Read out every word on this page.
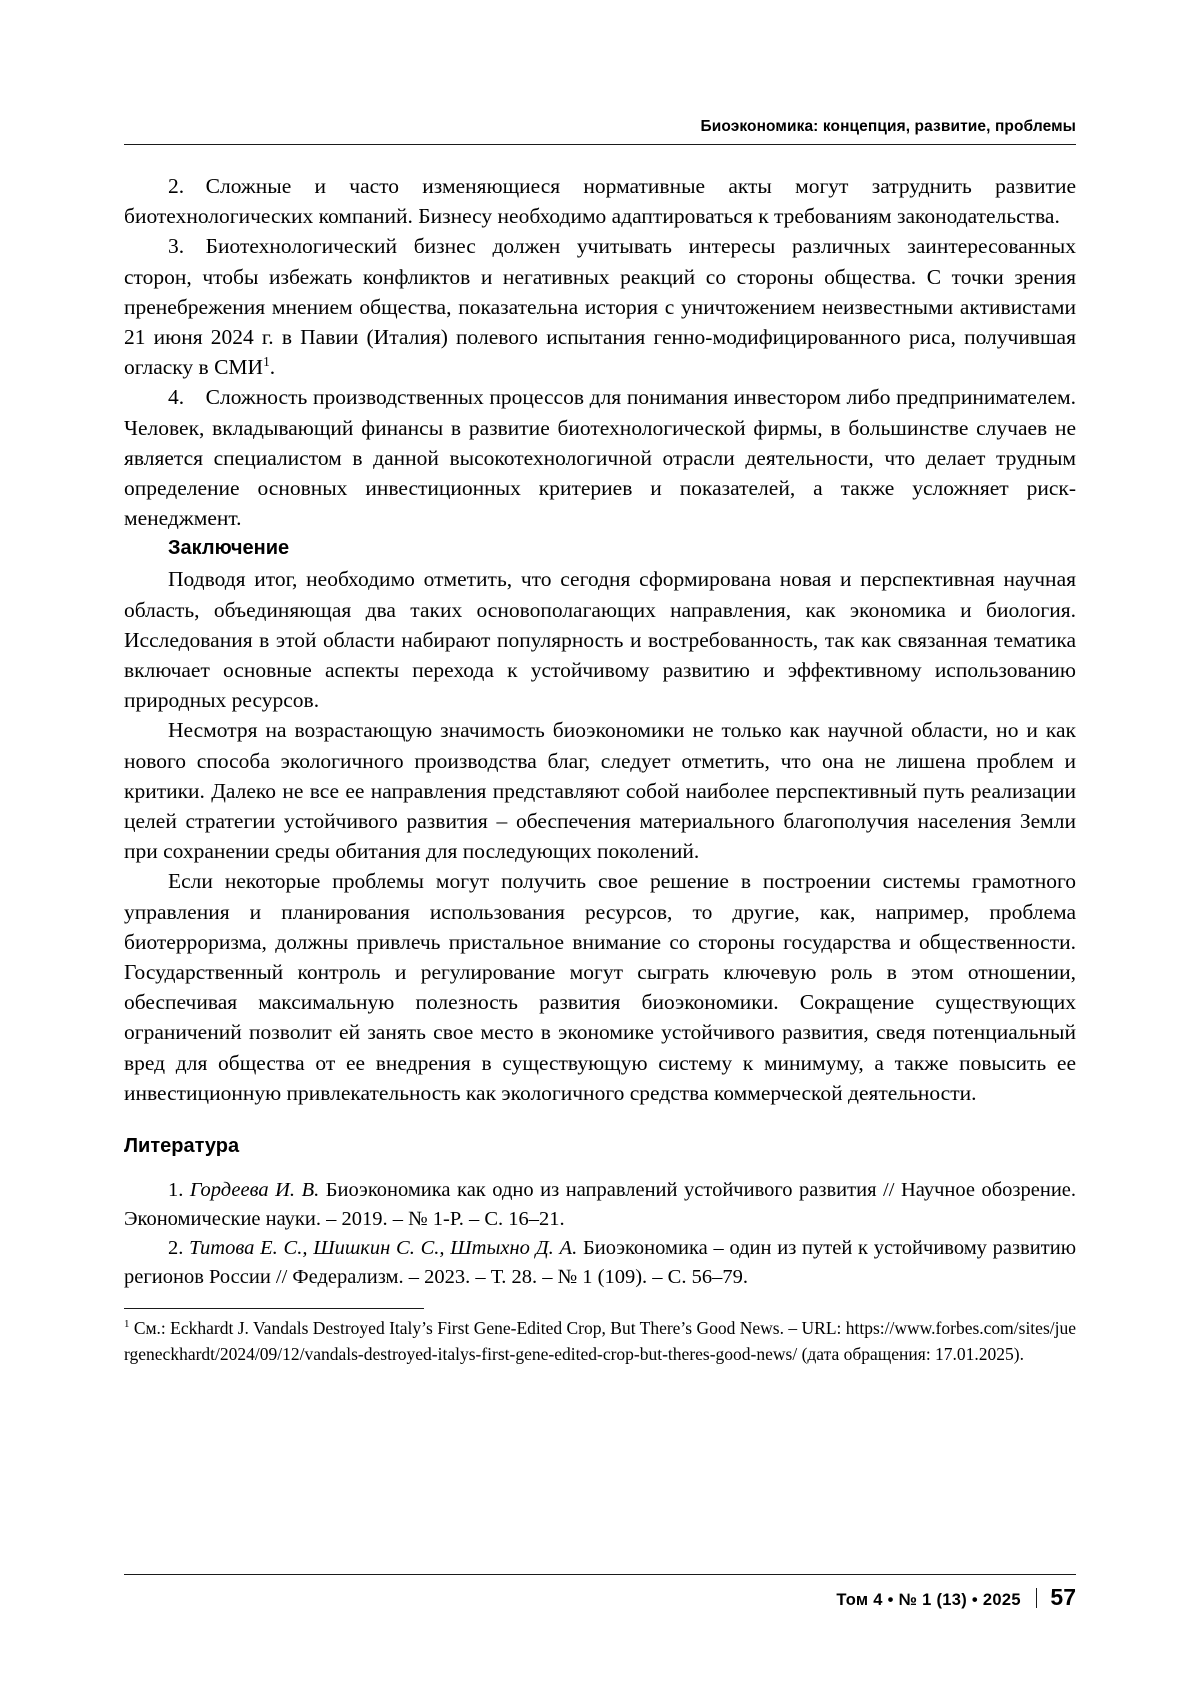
Биоэкономика: концепция, развитие, проблемы

2. Сложные и часто изменяющиеся нормативные акты могут затруднить развитие биотехнологических компаний. Бизнесу необходимо адаптироваться к требованиям законодательства.

3. Биотехнологический бизнес должен учитывать интересы различных заинтересованных сторон, чтобы избежать конфликтов и негативных реакций со стороны общества. С точки зрения пренебрежения мнением общества, показательна история с уничтожением неизвестными активистами 21 июня 2024 г. в Павии (Италия) полевого испытания генно-модифицированного риса, получившая огласку в СМИ$^1$.

4. Сложность производственных процессов для понимания инвестором либо предпринимателем. Человек, вкладывающий финансы в развитие биотехнологической фирмы, в большинстве случаев не является специалистом в данной высокотехнологичной отрасли деятельности, что делает трудным определение основных инвестиционных критериев и показателей, а также усложняет риск-менеджмент.

Заключение

Подводя итог, необходимо отметить, что сегодня сформирована новая и перспективная научная область, объединяющая два таких основополагающих направления, как экономика и биология. Исследования в этой области набирают популярность и востребованность, так как связанная тематика включает основные аспекты перехода к устойчивому развитию и эффективному использованию природных ресурсов.

Несмотря на возрастающую значимость биоэкономики не только как научной области, но и как нового способа экологичного производства благ, следует отметить, что она не лишена проблем и критики. Далеко не все ее направления представляют собой наиболее перспективный путь реализации целей стратегии устойчивого развития – обеспечения материального благополучия населения Земли при сохранении среды обитания для последующих поколений.

Если некоторые проблемы могут получить свое решение в построении системы грамотного управления и планирования использования ресурсов, то другие, как, например, проблема биотерроризма, должны привлечь пристальное внимание со стороны государства и общественности. Государственный контроль и регулирование могут сыграть ключевую роль в этом отношении, обеспечивая максимальную полезность развития биоэкономики. Сокращение существующих ограничений позволит ей занять свое место в экономике устойчивого развития, сведя потенциальный вред для общества от ее внедрения в существующую систему к минимуму, а также повысить ее инвестиционную привлекательность как экологичного средства коммерческой деятельности.

Литература

1. Гордеева И. В. Биоэкономика как одно из направлений устойчивого развития // Научное обозрение. Экономические науки. – 2019. – № 1-Р. – С. 16–21.

2. Титова Е. С., Шишкин С. С., Штыхно Д. А. Биоэкономика – один из путей к устойчивому развитию регионов России // Федерализм. – 2023. – Т. 28. – № 1 (109). – С. 56–79.

$^1$ См.: Eckhardt J. Vandals Destroyed Italy’s First Gene-Edited Crop, But There’s Good News. – URL: https://www.forbes.com/sites/juergeneckhardt/2024/09/12/vandals-destroyed-italys-first-gene-edited-crop-but-theres-good-news/ (дата обращения: 17.01.2025).

Том 4 • № 1 (13) • 2025 57
